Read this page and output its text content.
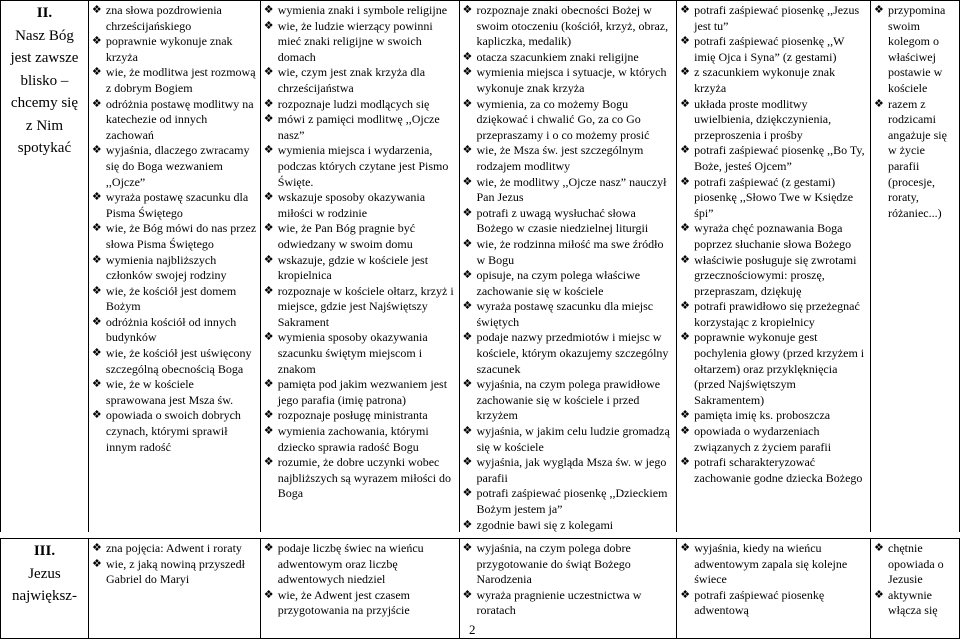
II.
Nasz Bóg
jest zawsze
blisko –
chcemy się
z Nim
spotykać

❖ zna słowa pozdrowienia chrześcijańskiego
❖ poprawnie wykonuje znak krzyża
❖ wie, że modlitwa jest rozmową z dobrym Bogiem
❖ odróżnia postawę modlitwy na katechezie od innych zachowań
❖ wyjaśnia, dlaczego zwracamy się do Boga wezwaniem ,,Ojcze”
❖ wyraża postawę szacunku dla Pisma Świętego
❖ wie, że Bóg mówi do nas przez słowa Pisma Świętego
❖ wymienia najbliższych członków swojej rodziny
❖ wie, że kościół jest domem Bożym
❖ odróżnia kościół od innych budynków
❖ wie, że kościół jest uświęcony szczególną obecnością Boga
❖ wie, że w kościele sprawowana jest Msza św.
❖ opowiada o swoich dobrych czynach, którymi sprawił innym radość

❖ wymienia znaki i symbole religijne
❖ wie, że ludzie wierzący powinni mieć znaki religijne w swoich domach
❖ wie, czym jest znak krzyża dla chrześcijaństwa
❖ rozpoznaje ludzi modlących się
❖ mówi z pamięci modlitwę ,,Ojcze nasz”
❖ wymienia miejsca i wydarzenia, podczas których czytane jest Pismo Święte.
❖ wskazuje sposoby okazywania miłości w rodzinie
❖ wie, że Pan Bóg pragnie być odwiedzany w swoim domu
❖ wskazuje, gdzie w kościele jest kropielnica
❖ rozpoznaje w kościele ołtarz, krzyż i miejsce, gdzie jest Najświętszy Sakrament
❖ wymienia sposoby okazywania szacunku świętym miejscom i znakom
❖ pamięta pod jakim wezwaniem jest jego parafia (imię patrona)
❖ rozpoznaje posługę ministranta
❖ wymienia zachowania, którymi dziecko sprawia radość Bogu
❖ rozumie, że dobre uczynki wobec najbliższych są wyrazem miłości do Boga

❖ rozpoznaje znaki obecności Bożej w swoim otoczeniu (kościół, krzyż, obraz, kapliczka, medalik)
❖ otacza szacunkiem znaki religijne
❖ wymienia miejsca i sytuacje, w których wykonuje znak krzyża
❖ wymienia, za co możemy Bogu dziękować i chwalić Go, za co Go przepraszamy i o co możemy prosić
❖ wie, że Msza św. jest szczególnym rodzajem modlitwy
❖ wie, że modlitwy ,,Ojcze nasz” nauczył Pan Jezus
❖ potrafi z uwagą wysłuchać słowa Bożego w czasie niedzielnej liturgii
❖ wie, że rodzinna miłość ma swe źródło w Bogu
❖ opisuje, na czym polega właściwe zachowanie się w kościele
❖ wyraża postawę szacunku dla miejsc świętych
❖ podaje nazwy przedmiotów i miejsc w kościele, którym okazujemy szczególny szacunek
❖ wyjaśnia, na czym polega prawidłowe zachowanie się w kościele i przed krzyżem
❖ wyjaśnia, w jakim celu ludzie gromadzą się w kościele
❖ wyjaśnia, jak wygląda Msza św. w jego parafii
❖ potrafi zaśpiewać piosenkę ,,Dzieckiem Bożym jestem ja”
❖ zgodnie bawi się z kolegami

❖ potrafi zaśpiewać piosenkę ,,Jezus jest tu”
❖ potrafi zaśpiewać piosenkę ,,W imię Ojca i Syna” (z gestami)
❖ z szacunkiem wykonuje znak krzyża
❖ układa proste modlitwy uwielbienia, dziękczynienia, przeproszenia i prośby
❖ potrafi zaśpiewać piosenkę ,,Bo Ty, Boże, jesteś Ojcem”
❖ potrafi zaśpiewać (z gestami) piosenkę ,,Słowo Twe w Księdze śpi”
❖ wyraża chęć poznawania Boga poprzez słuchanie słowa Bożego
❖ właściwie posługuje się zwrotami grzecznościowymi: proszę, przepraszam, dziękuję
❖ potrafi prawidłowo się przeżegnać korzystając z kropielnicy
❖ poprawnie wykonuje gest pochylenia głowy (przed krzyżem i ołtarzem) oraz przyklęknięcia (przed Najświętszym Sakramentem)
❖ pamięta imię ks. proboszcza
❖ opowiada o wydarzeniach związanych z życiem parafii
❖ potrafi scharakteryzować zachowanie godne dziecka Bożego

❖ przypomina swoim kolegom o właściwej postawie w kościele
❖ razem z rodzicami angażuje się w życie parafii (procesje, roraty, różaniec...)
III.
Jezus
największ-

❖ zna pojęcia: Adwent i roraty
❖ wie, z jaką nowiną przyszedł Gabriel do Maryi

❖ podaje liczbę świec na wieńcu adwentowym oraz liczbę adwentowych niedziel
❖ wie, że Adwent jest czasem przygotowania na przyjście

❖ wyjaśnia, na czym polega dobre przygotowanie do świąt Bożego Narodzenia
❖ wyraża pragnienie uczestnictwa w roratach

❖ wyjaśnia, kiedy na wieńcu adwentowym zapala się kolejne świece
❖ potrafi zaśpiewać piosenkę adwentową

❖ chętnie opowiada o Jezusie
❖ aktywnie włącza się
2
